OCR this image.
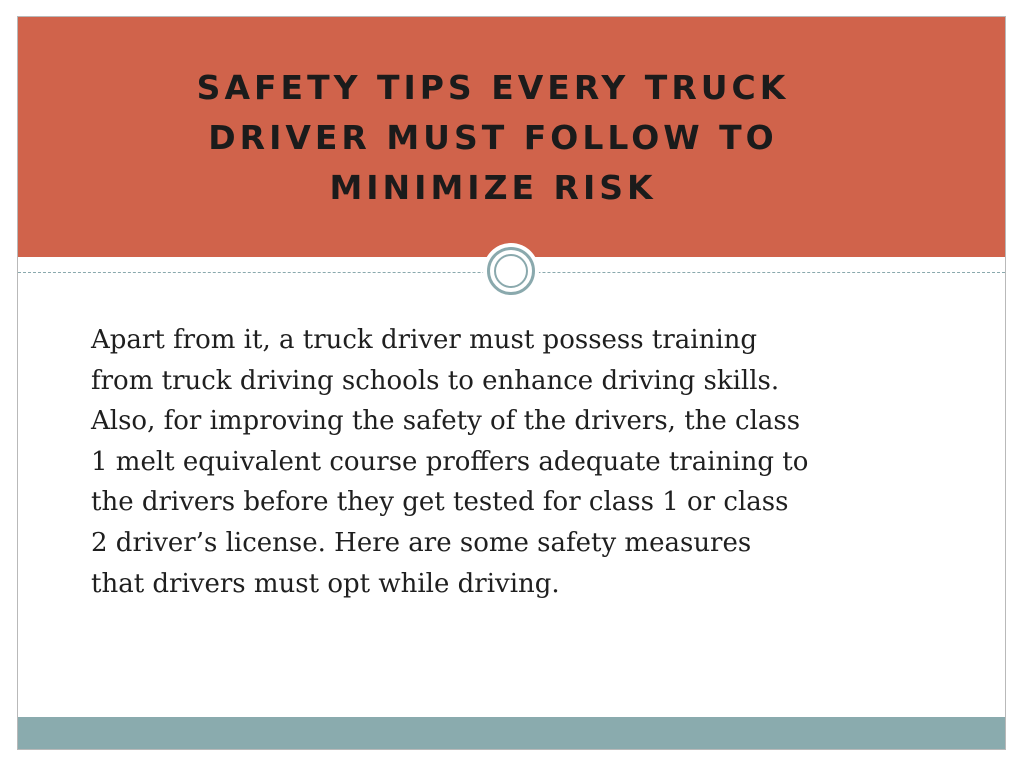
SAFETY TIPS EVERY TRUCK DRIVER MUST FOLLOW TO MINIMIZE RISK

Apart from it, a truck driver must possess training from truck driving schools to enhance driving skills. Also, for improving the safety of the drivers, the class 1 melt equivalent course proffers adequate training to the drivers before they get tested for class 1 or class 2 driver’s license. Here are some safety measures that drivers must opt while driving.
